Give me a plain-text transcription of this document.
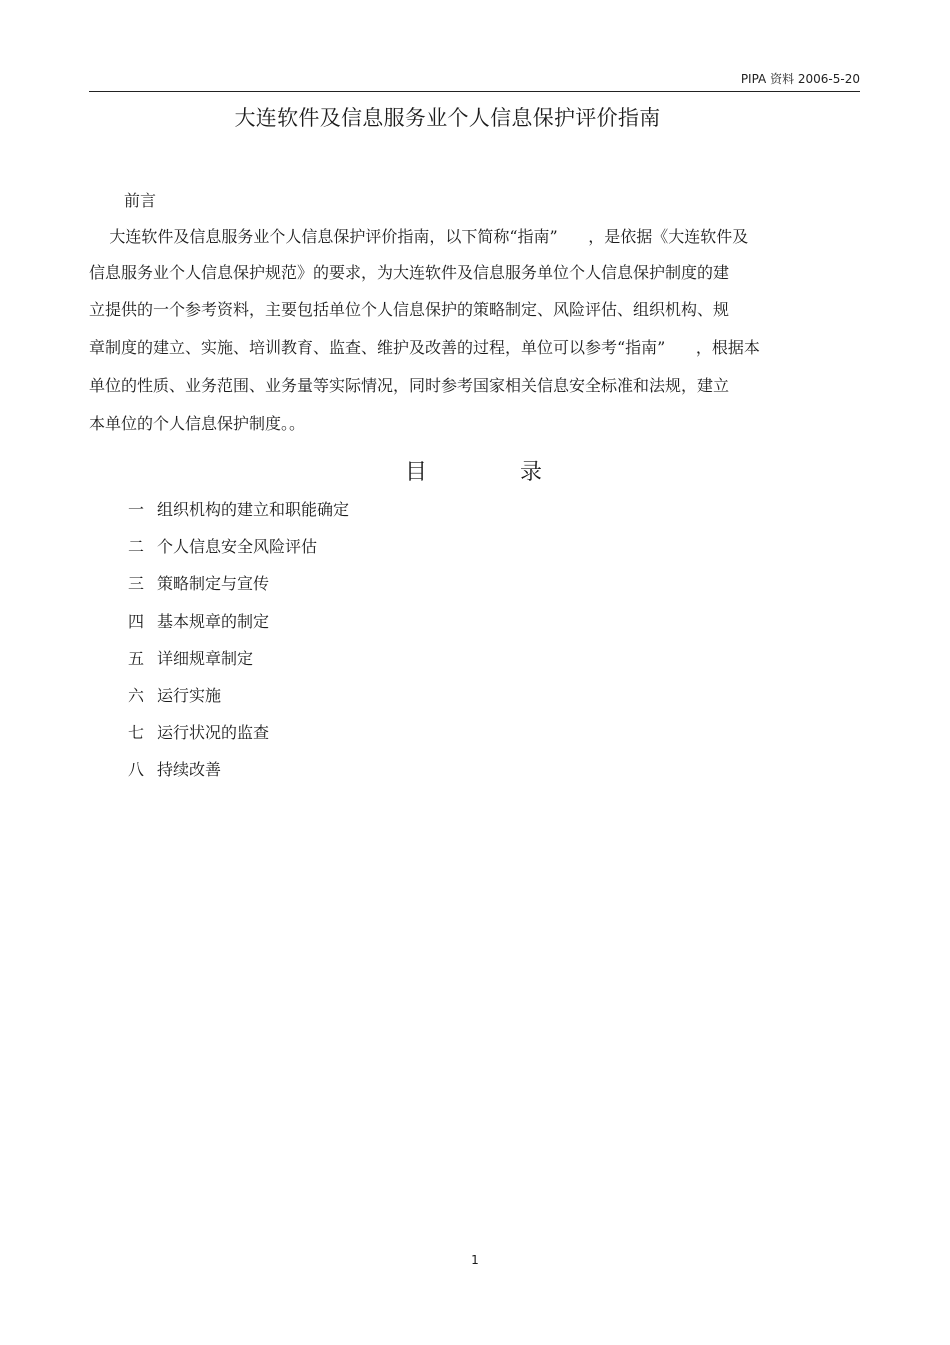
PIPA 资料 2006-5-20
大连软件及信息服务业个人信息保护评价指南
前言
大连软件及信息服务业个人信息保护评价指南，以下简称“指南”      ，是依据《大连软件及
信息服务业个人信息保护规范》的要求，为大连软件及信息服务单位个人信息保护制度的建
立提供的一个参考资料，主要包括单位个人信息保护的策略制定、风险评估、组织机构、规
章制度的建立、实施、培训教育、监查、维护及改善的过程，单位可以参考“指南”      ，根据本
单位的性质、业务范围、业务量等实际情况，同时参考国家相关信息安全标准和法规，建立
本单位的个人信息保护制度。。
目	录
一 组织机构的建立和职能确定
二 个人信息安全风险评估
三 策略制定与宣传
四 基本规章的制定
五 详细规章制定
六 运行实施
七 运行状况的监查
八 持续改善
1
